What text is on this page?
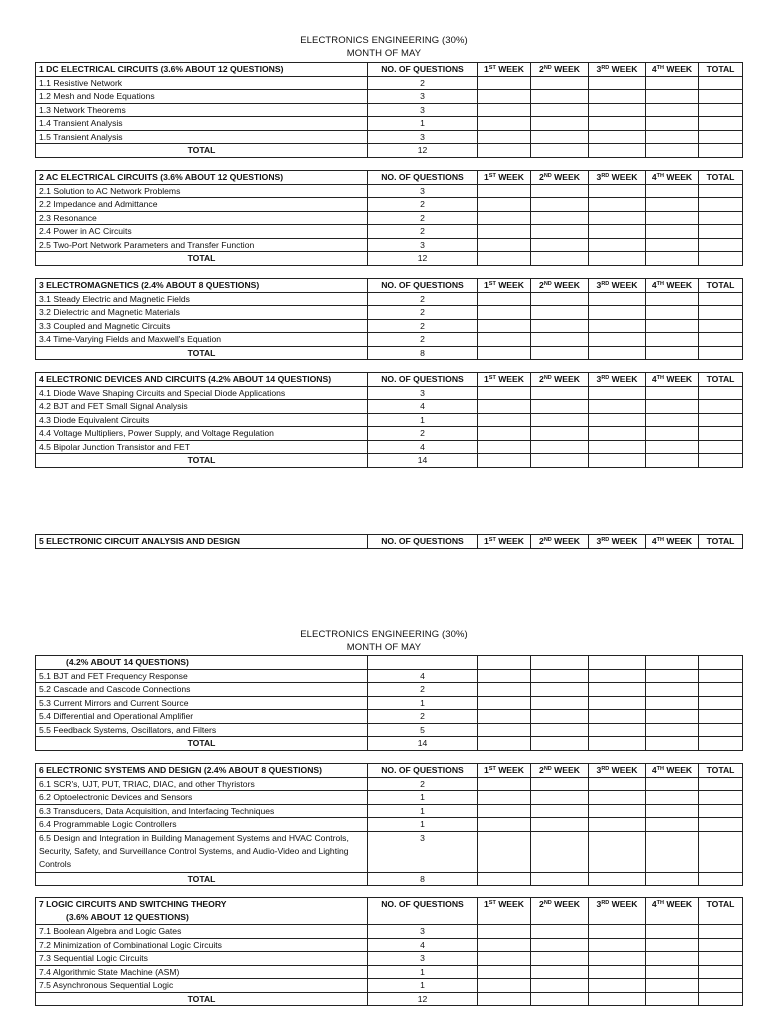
ELECTRONICS ENGINEERING (30%)
MONTH OF MAY
1 DC ELECTRICAL CIRCUITS (3.6% ABOUT 12 QUESTIONS)	NO. OF QUESTIONS	1ST WEEK	2ND WEEK	3RD WEEK	4TH WEEK	TOTAL
1.1 Resistive Network	2					
1.2 Mesh and Node Equations	3					
1.3 Network Theorems	3					
1.4 Transient Analysis	1					
1.5 Transient Analysis	3					
TOTAL	12					
2 AC ELECTRICAL CIRCUITS (3.6% ABOUT 12 QUESTIONS)	NO. OF QUESTIONS	1ST WEEK	2ND WEEK	3RD WEEK	4TH WEEK	TOTAL
2.1 Solution to AC Network Problems	3					
2.2 Impedance and Admittance	2					
2.3 Resonance	2					
2.4 Power in AC Circuits	2					
2.5 Two-Port Network Parameters and Transfer Function	3					
TOTAL	12					
3 ELECTROMAGNETICS (2.4% ABOUT 8 QUESTIONS)	NO. OF QUESTIONS	1ST WEEK	2ND WEEK	3RD WEEK	4TH WEEK	TOTAL
3.1 Steady Electric and Magnetic Fields	2					
3.2 Dielectric and Magnetic Materials	2					
3.3 Coupled and Magnetic Circuits	2					
3.4 Time-Varying Fields and Maxwell's Equation	2					
TOTAL	8					
4 ELECTRONIC DEVICES AND CIRCUITS (4.2% ABOUT 14 QUESTIONS)	NO. OF QUESTIONS	1ST WEEK	2ND WEEK	3RD WEEK	4TH WEEK	TOTAL
4.1 Diode Wave Shaping Circuits and Special Diode Applications	3					
4.2 BJT and FET Small Signal Analysis	4					
4.3 Diode Equivalent Circuits	1					
4.4 Voltage Multipliers, Power Supply, and Voltage Regulation	2					
4.5 Bipolar Junction Transistor and FET	4					
TOTAL	14					
5 ELECTRONIC CIRCUIT ANALYSIS AND DESIGN	NO. OF QUESTIONS	1ST WEEK	2ND WEEK	3RD WEEK	4TH WEEK	TOTAL
ELECTRONICS ENGINEERING (30%)
MONTH OF MAY
(4.2% ABOUT 14 QUESTIONS)						
5.1 BJT and FET Frequency Response	4					
5.2 Cascade and Cascode Connections	2					
5.3 Current Mirrors and Current Source	1					
5.4 Differential and Operational Amplifier	2					
5.5 Feedback Systems, Oscillators, and Filters	5					
TOTAL	14					
6 ELECTRONIC SYSTEMS AND DESIGN (2.4% ABOUT 8 QUESTIONS)	NO. OF QUESTIONS	1ST WEEK	2ND WEEK	3RD WEEK	4TH WEEK	TOTAL
6.1 SCR's, UJT, PUT, TRIAC, DIAC, and other Thyristors	2					
6.2 Optoelectronic Devices and Sensors	1					
6.3 Transducers, Data Acquisition, and Interfacing Techniques	1					
6.4 Programmable Logic Controllers	1					
6.5 Design and Integration in Building Management Systems and HVAC Controls, Security, Safety, and Surveillance Control Systems, and Audio-Video and Lighting Controls	3					
TOTAL	8					
7 LOGIC CIRCUITS AND SWITCHING THEORY
(3.6% ABOUT 12 QUESTIONS)	NO. OF QUESTIONS	1ST WEEK	2ND WEEK	3RD WEEK	4TH WEEK	TOTAL
7.1 Boolean Algebra and Logic Gates	3					
7.2 Minimization of Combinational Logic Circuits	4					
7.3 Sequential Logic Circuits	3					
7.4 Algorithmic State Machine (ASM)	1					
7.5 Asynchronous Sequential Logic	1					
TOTAL	12					
